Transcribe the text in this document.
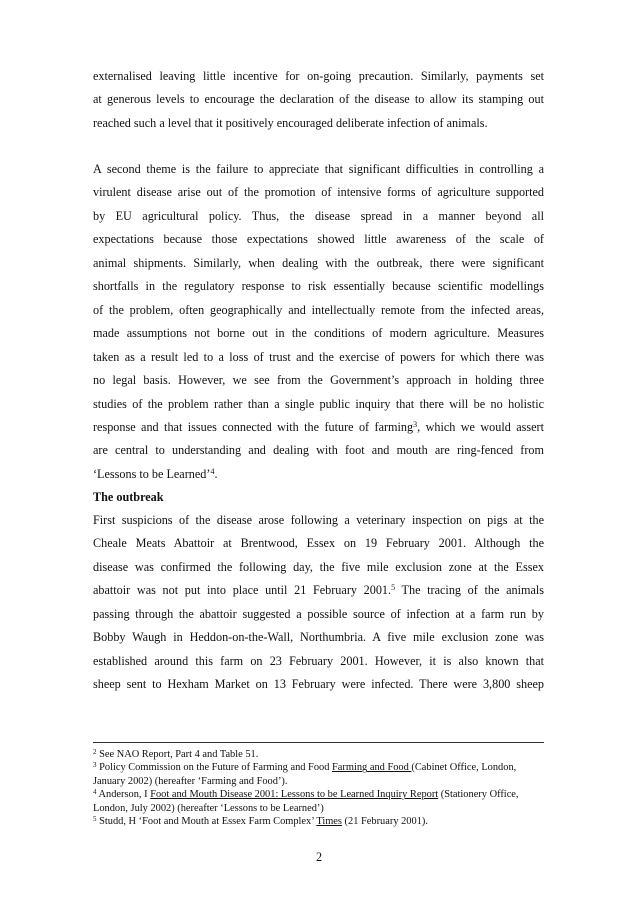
externalised leaving little incentive for on-going precaution. Similarly, payments set
at generous levels to encourage the declaration of the disease to allow its stamping out
reached such a level that it positively encouraged deliberate infection of animals.
A second theme is the failure to appreciate that significant difficulties in controlling a
virulent disease arise out of the promotion of intensive forms of agriculture supported
by EU agricultural policy. Thus, the disease spread in a manner beyond all
expectations because those expectations showed little awareness of the scale of
animal shipments. Similarly, when dealing with the outbreak, there were significant
shortfalls in the regulatory response to risk essentially because scientific modellings
of the problem, often geographically and intellectually remote from the infected areas,
made assumptions not borne out in the conditions of modern agriculture. Measures
taken as a result led to a loss of trust and the exercise of powers for which there was
no legal basis. However, we see from the Government’s approach in holding three
studies of the problem rather than a single public inquiry that there will be no holistic
response and that issues connected with the future of farming$^3$, which we would assert
are central to understanding and dealing with foot and mouth are ring-fenced from
‘Lessons to be Learned’$^4$.
The outbreak
First suspicions of the disease arose following a veterinary inspection on pigs at the
Cheale Meats Abattoir at Brentwood, Essex on 19 February 2001. Although the
disease was confirmed the following day, the five mile exclusion zone at the Essex
abattoir was not put into place until 21 February 2001.$^5$ The tracing of the animals
passing through the abattoir suggested a possible source of infection at a farm run by
Bobby Waugh in Heddon-on-the-Wall, Northumbria. A five mile exclusion zone was
established around this farm on 23 February 2001. However, it is also known that
sheep sent to Hexham Market on 13 February were infected. There were 3,800 sheep
$^2$ See NAO Report, Part 4 and Table 51.
$^3$ Policy Commission on the Future of Farming and Food Farming and Food (Cabinet Office, London,
January 2002) (hereafter ‘Farming and Food’).
$^4$ Anderson, I Foot and Mouth Disease 2001: Lessons to be Learned Inquiry Report (Stationery Office,
London, July 2002) (hereafter ‘Lessons to be Learned’)
$^5$ Studd, H ‘Foot and Mouth at Essex Farm Complex’ Times (21 February 2001).
2
